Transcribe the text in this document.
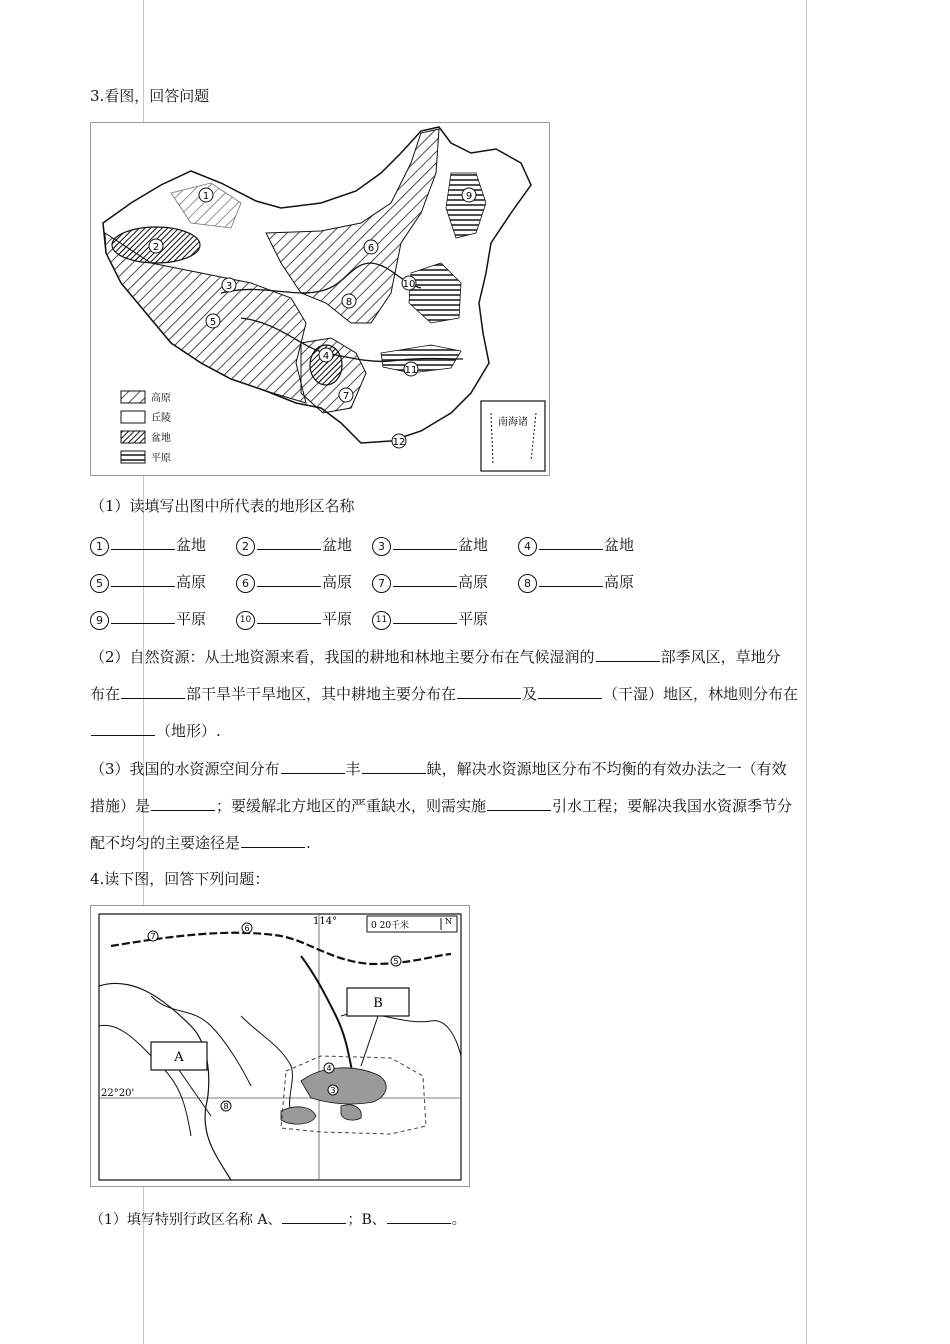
3.看图，回答问题
1
2
3
4
5
6
7
8
9
10
11
12
高原
丘陵
盆地
平原
南海诸
（1）读填写出图中所代表的地形区名称
1	盆地	2	盆地 3	盆地	4	盆地
5	高原	6	高原 7	高原	8	高原
9	平原	10	平原	11	平原
（2）自然资源：从土地资源来看，我国的耕地和林地主要分布在气候湿润的	部季风区，草地分
布在	部干旱半干旱地区，其中耕地主要分布在	及	（干湿）地区，林地则分布在
（地形）.
（3）我国的水资源空间分布	丰	缺，解决水资源地区分布不均衡的有效办法之一（有效
措施）是	；要缓解北方地区的严重缺水，则需实施	引水工程；要解决我国水资源季节分
配不均匀的主要途径是	.
4.读下图，回答下列问题：
114°
22°20'
0 20千米	N
A
B
7
6
5
4
3
8
（1）填写特别行政区名称 A、	；B、	。
